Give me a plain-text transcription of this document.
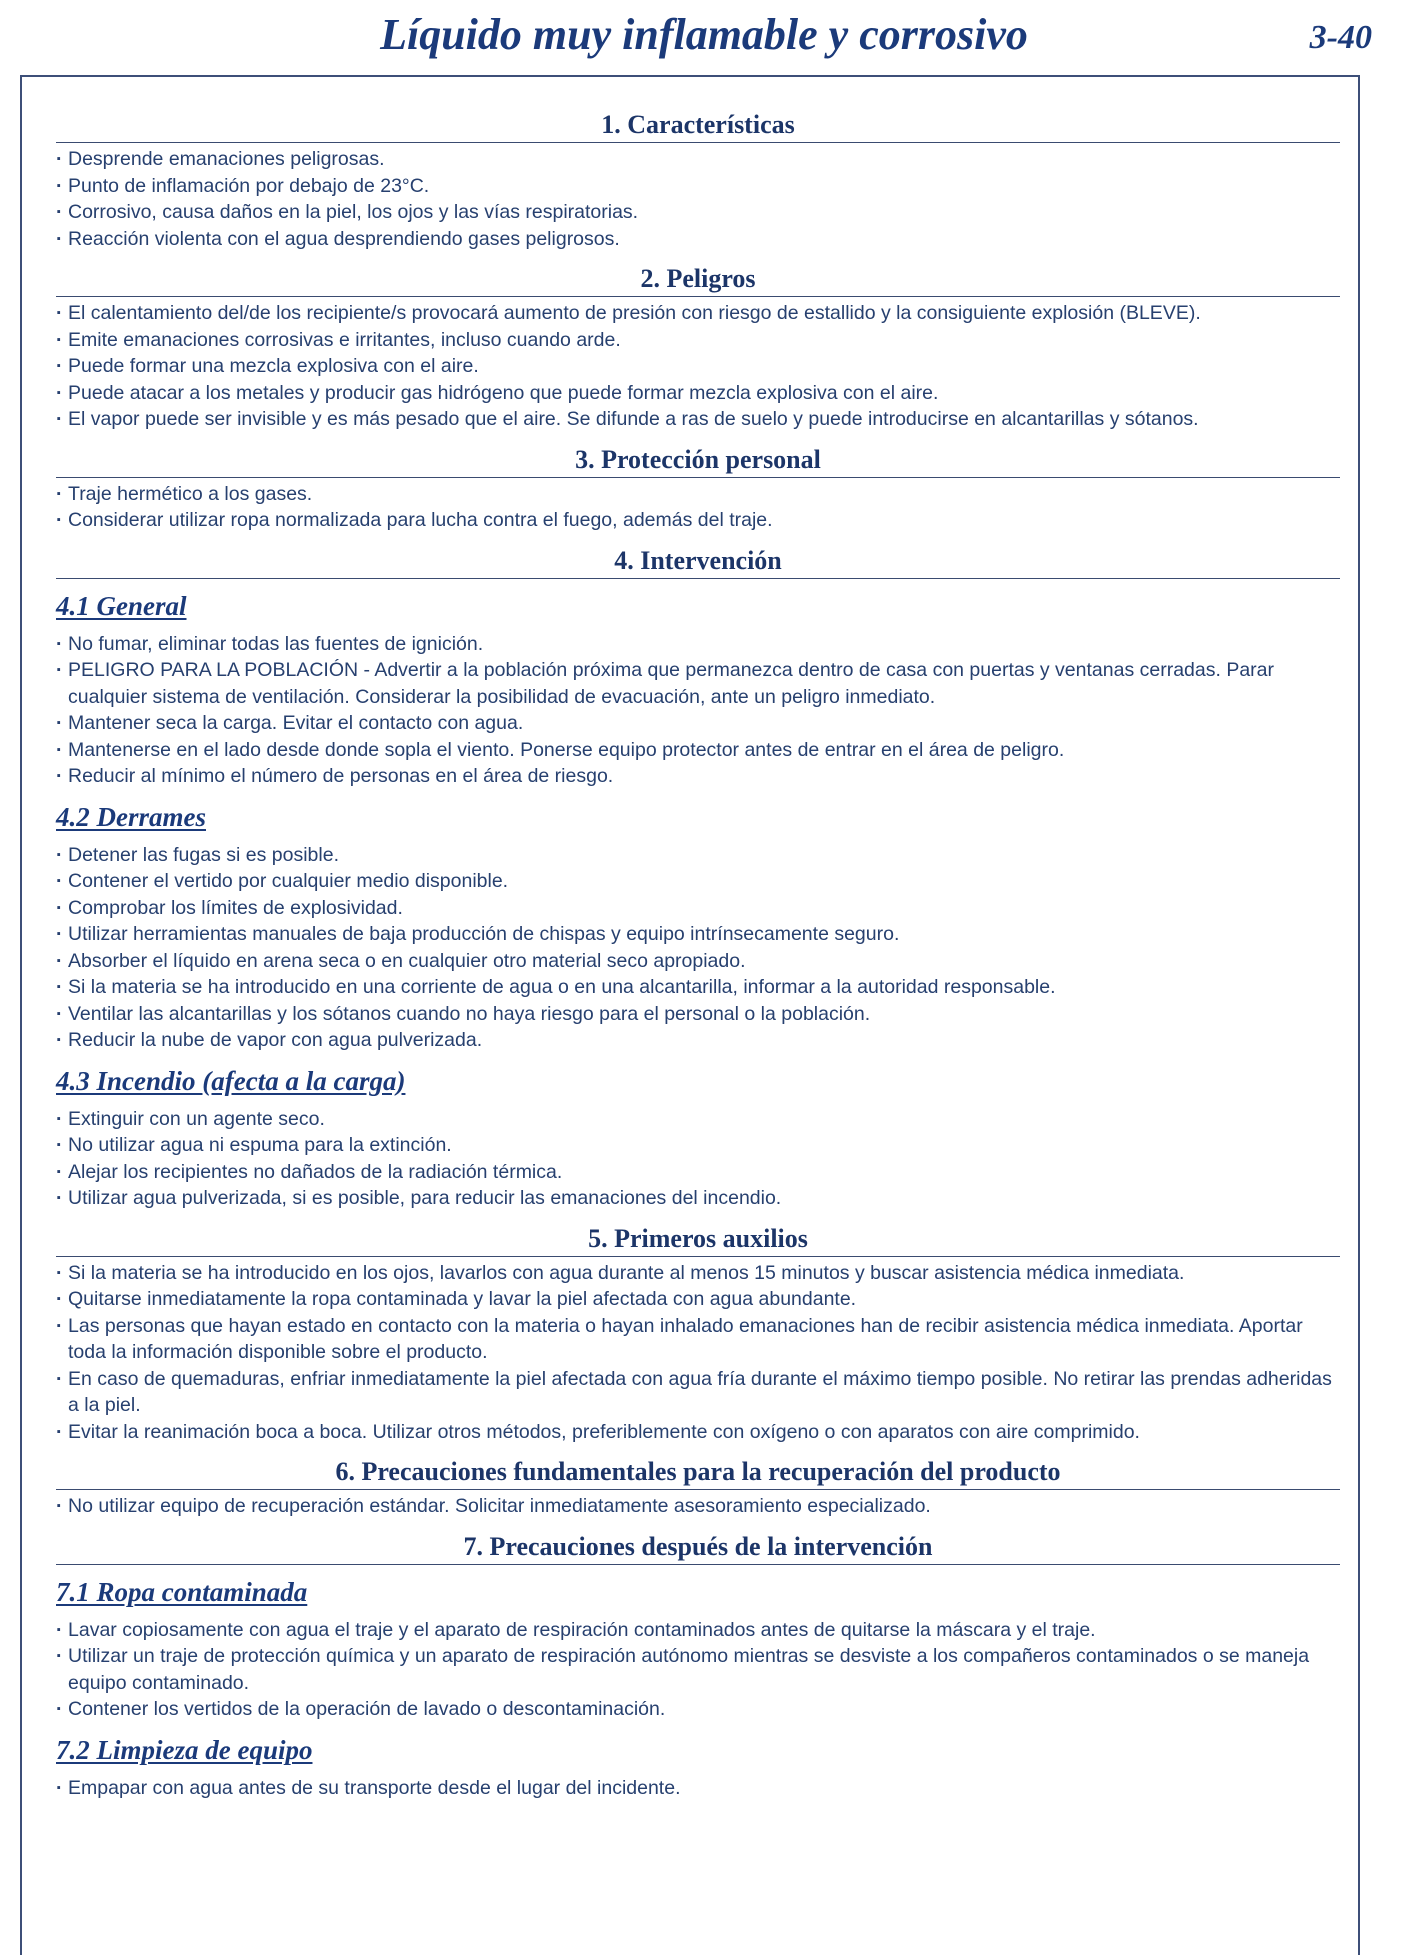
Líquido muy inflamable y corrosivo	3-40
1. Características
· Desprende emanaciones peligrosas.
· Punto de inflamación por debajo de 23°C.
· Corrosivo, causa daños en la piel, los ojos y las vías respiratorias.
· Reacción violenta con el agua desprendiendo gases peligrosos.
2. Peligros
· El calentamiento del/de los recipiente/s provocará aumento de presión con riesgo de estallido y la consiguiente explosión (BLEVE).
· Emite emanaciones corrosivas e irritantes, incluso cuando arde.
· Puede formar una mezcla explosiva con el aire.
· Puede atacar a los metales y producir gas hidrógeno que puede formar mezcla explosiva con el aire.
· El vapor puede ser invisible y es más pesado que el aire. Se difunde a ras de suelo y puede introducirse en alcantarillas y sótanos.
3. Protección personal
· Traje hermético a los gases.
· Considerar utilizar ropa normalizada para lucha contra el fuego, además del traje.
4. Intervención
4.1 General
· No fumar, eliminar todas las fuentes de ignición.
· PELIGRO PARA LA POBLACIÓN - Advertir a la población próxima que permanezca dentro de casa con puertas y ventanas cerradas. Parar cualquier sistema de ventilación. Considerar la posibilidad de evacuación, ante un peligro inmediato.
· Mantener seca la carga. Evitar el contacto con agua.
· Mantenerse en el lado desde donde sopla el viento. Ponerse equipo protector antes de entrar en el área de peligro.
· Reducir al mínimo el número de personas en el área de riesgo.
4.2 Derrames
· Detener las fugas si es posible.
· Contener el vertido por cualquier medio disponible.
· Comprobar los límites de explosividad.
· Utilizar herramientas manuales de baja producción de chispas y equipo intrínsecamente seguro.
· Absorber el líquido en arena seca o en cualquier otro material seco apropiado.
· Si la materia se ha introducido en una corriente de agua o en una alcantarilla, informar a la autoridad responsable.
· Ventilar las alcantarillas y los sótanos cuando no haya riesgo para el personal o la población.
· Reducir la nube de vapor con agua pulverizada.
4.3 Incendio (afecta a la carga)
· Extinguir con un agente seco.
· No utilizar agua ni espuma para la extinción.
· Alejar los recipientes no dañados de la radiación térmica.
· Utilizar agua pulverizada, si es posible, para reducir las emanaciones del incendio.
5. Primeros auxilios
· Si la materia se ha introducido en los ojos, lavarlos con agua durante al menos 15 minutos y buscar asistencia médica inmediata.
· Quitarse inmediatamente la ropa contaminada y lavar la piel afectada con agua abundante.
· Las personas que hayan estado en contacto con la materia o hayan inhalado emanaciones han de recibir asistencia médica inmediata. Aportar toda la información disponible sobre el producto.
· En caso de quemaduras, enfriar inmediatamente la piel afectada con agua fría durante el máximo tiempo posible. No retirar las prendas adheridas a la piel.
· Evitar la reanimación boca a boca. Utilizar otros métodos, preferiblemente con oxígeno o con aparatos con aire comprimido.
6. Precauciones fundamentales para la recuperación del producto
· No utilizar equipo de recuperación estándar. Solicitar inmediatamente asesoramiento especializado.
7. Precauciones después de la intervención
7.1 Ropa contaminada
· Lavar copiosamente con agua el traje y el aparato de respiración contaminados antes de quitarse la máscara y el traje.
· Utilizar un traje de protección química y un aparato de respiración autónomo mientras se desviste a los compañeros contaminados o se maneja equipo contaminado.
· Contener los vertidos de la operación de lavado o descontaminación.
7.2 Limpieza de equipo
· Empapar con agua antes de su transporte desde el lugar del incidente.
